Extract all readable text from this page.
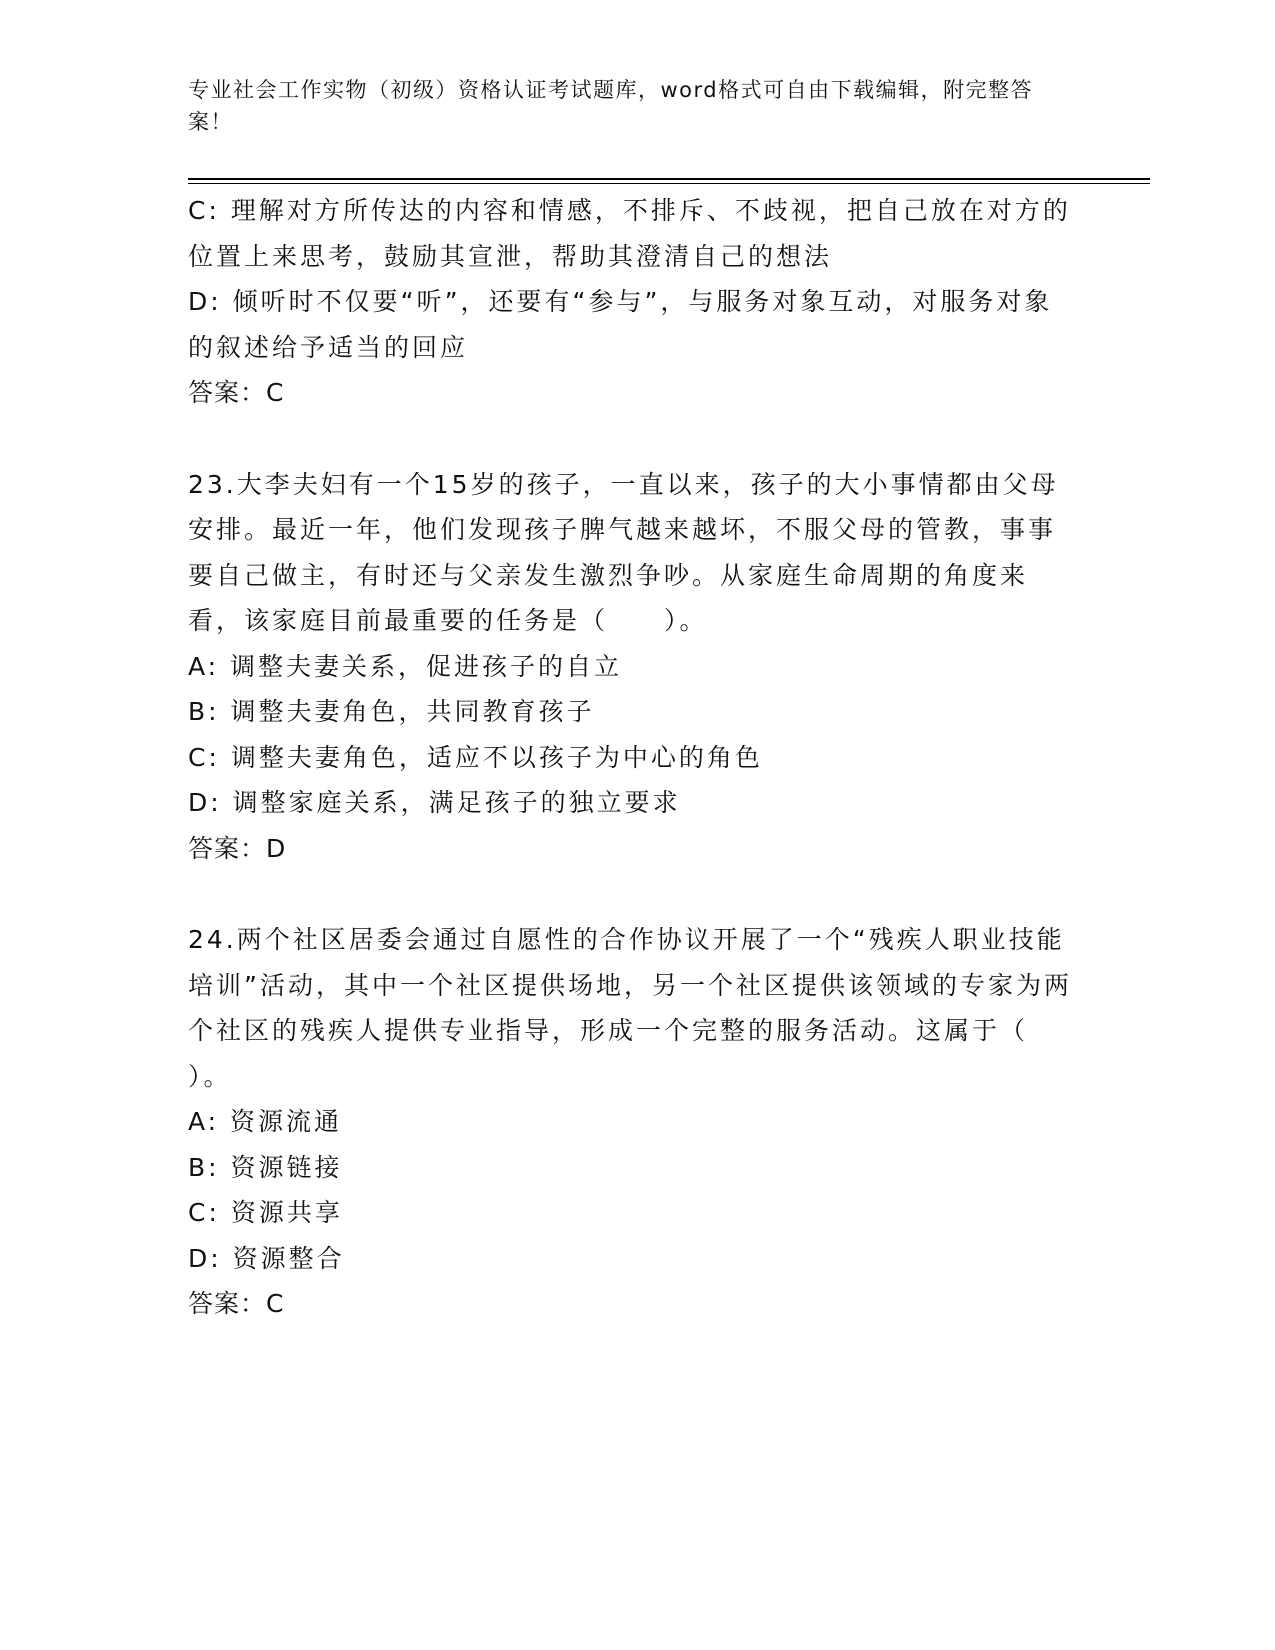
专业社会工作实物（初级）资格认证考试题库，word格式可自由下载编辑，附完整答案！

C: 理解对方所传达的内容和情感，不排斥、不歧视，把自己放在对方的位置上来思考，鼓励其宣泄，帮助其澄清自己的想法

D: 倾听时不仅要“听”，还要有“参与”，与服务对象互动，对服务对象的叙述给予适当的回应

答案：C

23.大李夫妇有一个15岁的孩子，一直以来，孩子的大小事情都由父母安排。最近一年，他们发现孩子脾气越来越坏，不服父母的管教，事事要自己做主，有时还与父亲发生激烈争吵。从家庭生命周期的角度来看，该家庭目前最重要的任务是（　　）。

A: 调整夫妻关系，促进孩子的自立

B: 调整夫妻角色，共同教育孩子

C: 调整夫妻角色，适应不以孩子为中心的角色

D: 调整家庭关系，满足孩子的独立要求

答案：D

24.两个社区居委会通过自愿性的合作协议开展了一个“残疾人职业技能培训”活动，其中一个社区提供场地，另一个社区提供该领域的专家为两个社区的残疾人提供专业指导，形成一个完整的服务活动。这属于（ ）。

A: 资源流通

B: 资源链接

C: 资源共享

D: 资源整合

答案：C
